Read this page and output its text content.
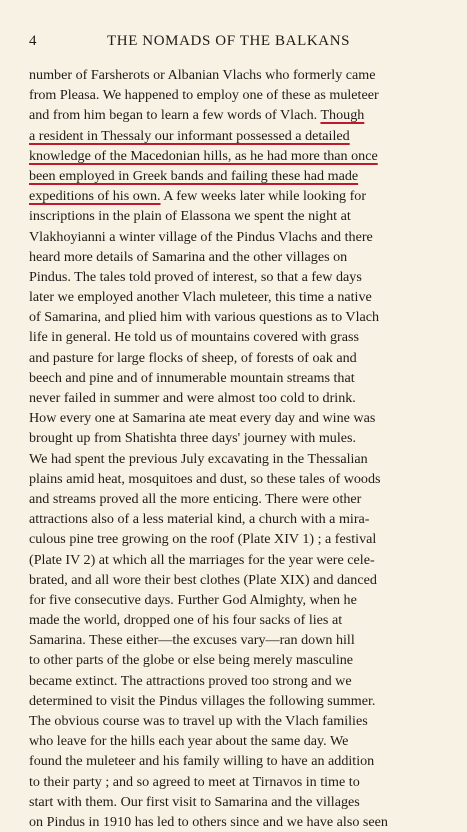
4	THE NOMADS OF THE BALKANS
number of Farsherots or Albanian Vlachs who formerly came
from Pleasa. We happened to employ one of these as muleteer
and from him began to learn a few words of Vlach. Though
a resident in Thessaly our informant possessed a detailed
knowledge of the Macedonian hills, as he had more than once
been employed in Greek bands and failing these had made
expeditions of his own. A few weeks later while looking for
inscriptions in the plain of Elassona we spent the night at
Vlakhoyianni a winter village of the Pindus Vlachs and there
heard more details of Samarina and the other villages on
Pindus. The tales told proved of interest, so that a few days
later we employed another Vlach muleteer, this time a native
of Samarina, and plied him with various questions as to Vlach
life in general. He told us of mountains covered with grass
and pasture for large flocks of sheep, of forests of oak and
beech and pine and of innumerable mountain streams that
never failed in summer and were almost too cold to drink.
How every one at Samarina ate meat every day and wine was
brought up from Shatishta three days' journey with mules.
We had spent the previous July excavating in the Thessalian
plains amid heat, mosquitoes and dust, so these tales of woods
and streams proved all the more enticing. There were other
attractions also of a less material kind, a church with a mira-
culous pine tree growing on the roof (Plate XIV 1) ; a festival
(Plate IV 2) at which all the marriages for the year were cele-
brated, and all wore their best clothes (Plate XIX) and danced
for five consecutive days. Further God Almighty, when he
made the world, dropped one of his four sacks of lies at
Samarina. These either—the excuses vary—ran down hill
to other parts of the globe or else being merely masculine
became extinct. The attractions proved too strong and we
determined to visit the Pindus villages the following summer.
The obvious course was to travel up with the Vlach families
who leave for the hills each year about the same day. We
found the muleteer and his family willing to have an addition
to their party ; and so agreed to meet at Tirnavos in time to
start with them. Our first visit to Samarina and the villages
on Pindus in 1910 has led to others since and we have also seen
